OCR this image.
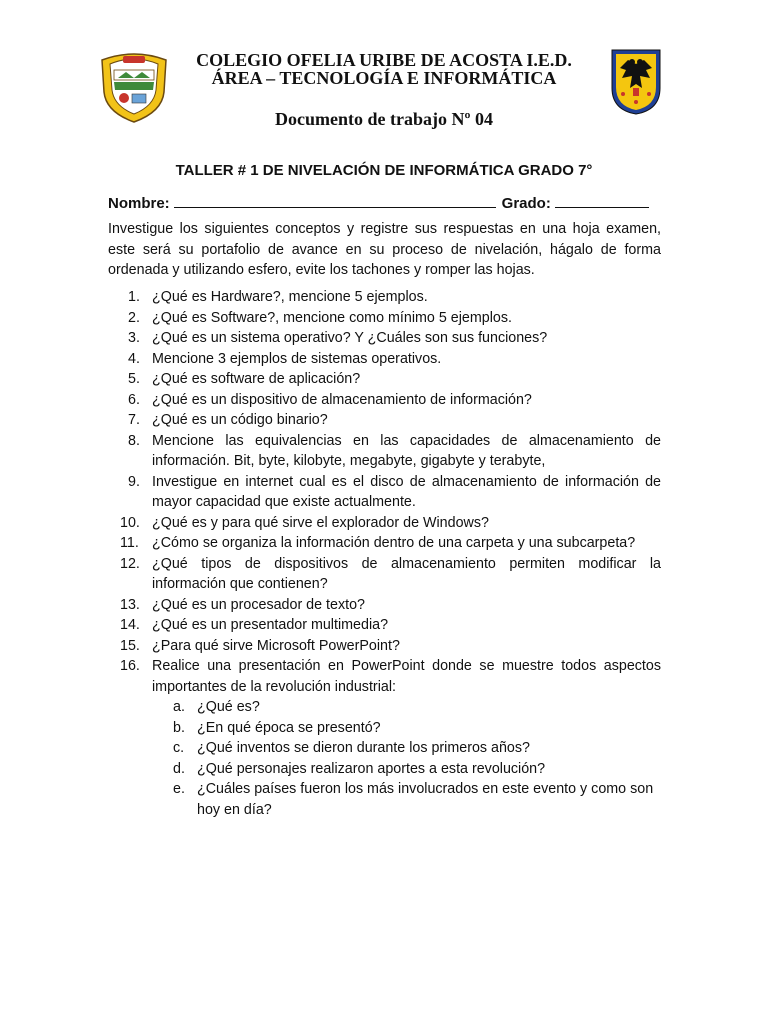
COLEGIO OFELIA URIBE DE ACOSTA I.E.D.
ÁREA – TECNOLOGÍA E INFORMÁTICA
Documento de trabajo Nº 04
TALLER # 1 DE NIVELACIÓN DE INFORMÁTICA GRADO 7°
Nombre:	Grado:
Investigue los siguientes conceptos y registre sus respuestas en una hoja examen, este será su portafolio de avance en su proceso de nivelación, hágalo de forma ordenada y utilizando esfero, evite los tachones y romper las hojas.
1. ¿Qué es Hardware?, mencione 5 ejemplos.
2. ¿Qué es Software?, mencione como mínimo 5 ejemplos.
3. ¿Qué es un sistema operativo? Y ¿Cuáles son sus funciones?
4. Mencione 3 ejemplos de sistemas operativos.
5. ¿Qué es software de aplicación?
6. ¿Qué es un dispositivo de almacenamiento de información?
7. ¿Qué es un código binario?
8. Mencione las equivalencias en las capacidades de almacenamiento de información. Bit, byte, kilobyte, megabyte, gigabyte y terabyte,
9. Investigue en internet cual es el disco de almacenamiento de información de mayor capacidad que existe actualmente.
10. ¿Qué es y para qué sirve el explorador de Windows?
11. ¿Cómo se organiza la información dentro de una carpeta y una subcarpeta?
12. ¿Qué tipos de dispositivos de almacenamiento permiten modificar la información que contienen?
13. ¿Qué es un procesador de texto?
14. ¿Qué es un presentador multimedia?
15. ¿Para qué sirve Microsoft PowerPoint?
16. Realice una presentación en PowerPoint donde se muestre todos aspectos importantes de la revolución industrial:
a. ¿Qué es?
b. ¿En qué época se presentó?
c. ¿Qué inventos se dieron durante los primeros años?
d. ¿Qué personajes realizaron aportes a esta revolución?
e. ¿Cuáles países fueron los más involucrados en este evento y como son hoy en día?
